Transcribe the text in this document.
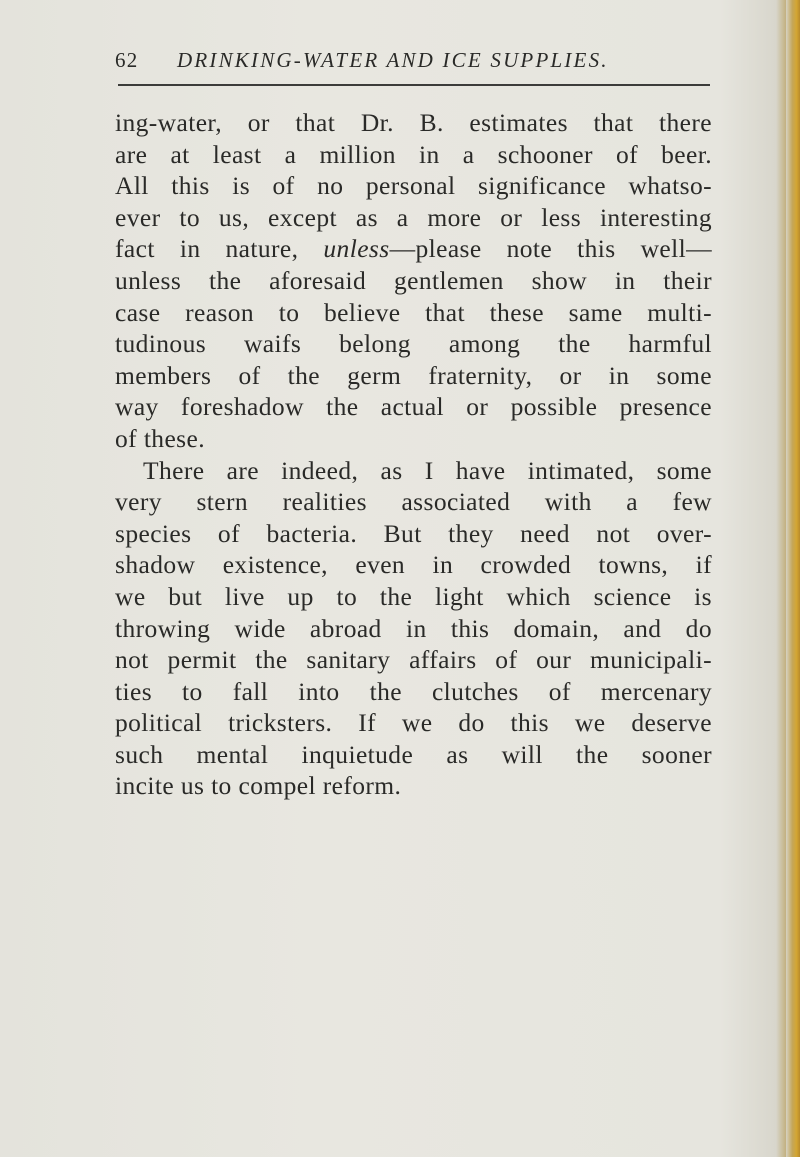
62 DRINKING-WATER AND ICE SUPPLIES.
ing-water, or that Dr. B. estimates that there
are at least a million in a schooner of beer.
All this is of no personal significance whatso-
ever to us, except as a more or less interesting
fact in nature, unless—please note this well—
unless the aforesaid gentlemen show in their
case reason to believe that these same multi-
tudinous waifs belong among the harmful
members of the germ fraternity, or in some
way foreshadow the actual or possible presence
of these.
There are indeed, as I have intimated, some
very stern realities associated with a few
species of bacteria. But they need not over-
shadow existence, even in crowded towns, if
we but live up to the light which science is
throwing wide abroad in this domain, and do
not permit the sanitary affairs of our municipali-
ties to fall into the clutches of mercenary
political tricksters. If we do this we deserve
such mental inquietude as will the sooner
incite us to compel reform.
